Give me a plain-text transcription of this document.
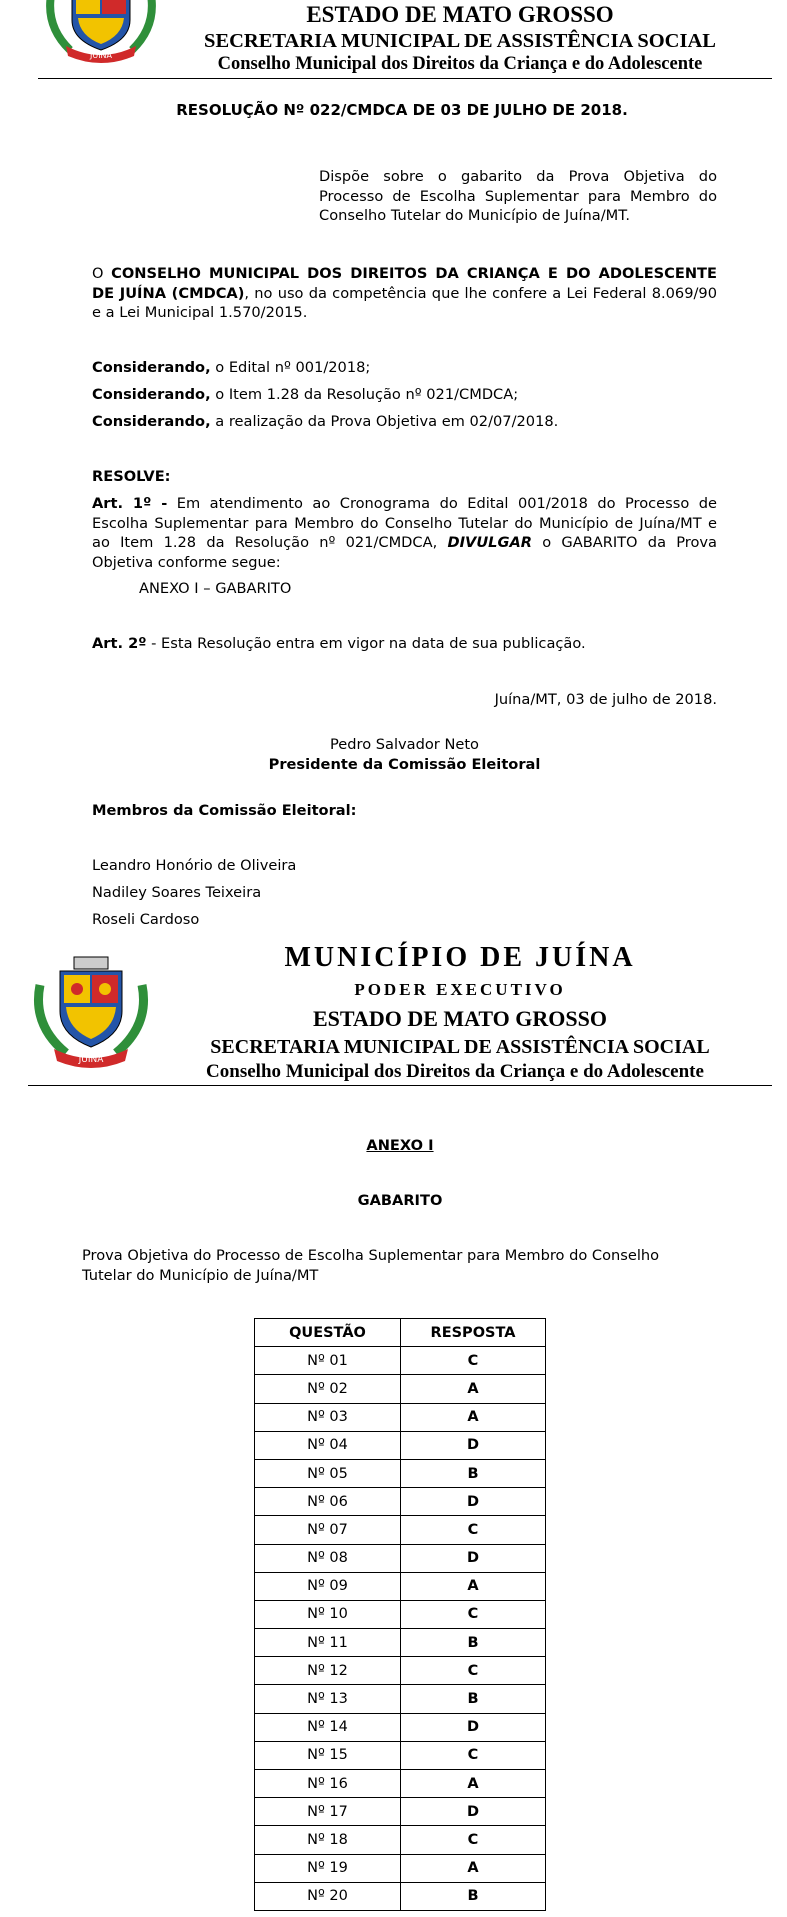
JUINA
ESTADO DE MATO GROSSO
SECRETARIA MUNICIPAL DE ASSISTÊNCIA SOCIAL
Conselho Municipal dos Direitos da Criança e do Adolescente
RESOLUÇÃO Nº 022/CMDCA DE 03 DE JULHO DE 2018.
Dispõe sobre o gabarito da Prova Objetiva do Processo de Escolha Suplementar para Membro do Conselho Tutelar do Município de Juína/MT.
O CONSELHO MUNICIPAL DOS DIREITOS DA CRIANÇA E DO ADOLESCENTE DE JUÍNA (CMDCA), no uso da competência que lhe confere a Lei Federal 8.069/90 e a Lei Municipal 1.570/2015.
Considerando, o Edital nº 001/2018;
Considerando, o Item 1.28 da Resolução nº 021/CMDCA;
Considerando, a realização da Prova Objetiva em 02/07/2018.
RESOLVE:
Art. 1º - Em atendimento ao Cronograma do Edital 001/2018 do Processo de Escolha Suplementar para Membro do Conselho Tutelar do Município de Juína/MT e ao Item 1.28 da Resolução nº 021/CMDCA, DIVULGAR o GABARITO da Prova Objetiva conforme segue:
ANEXO I – GABARITO
Art. 2º - Esta Resolução entra em vigor na data de sua publicação.
Juína/MT, 03 de julho de 2018.
Pedro Salvador Neto
Presidente da Comissão Eleitoral
Membros da Comissão Eleitoral:
Leandro Honório de Oliveira
Nadiley Soares Teixeira
Roseli Cardoso
JUINA
MUNICÍPIO DE JUÍNA
PODER EXECUTIVO
ESTADO DE MATO GROSSO
SECRETARIA MUNICIPAL DE ASSISTÊNCIA SOCIAL
Conselho Municipal dos Direitos da Criança e do Adolescente
ANEXO I
GABARITO
Prova Objetiva do Processo de Escolha Suplementar para Membro do Conselho Tutelar do Município de Juína/MT
QUESTÃO	RESPOSTA
Nº 01	C
Nº 02	A
Nº 03	A
Nº 04	D
Nº 05	B
Nº 06	D
Nº 07	C
Nº 08	D
Nº 09	A
Nº 10	C
Nº 11	B
Nº 12	C
Nº 13	B
Nº 14	D
Nº 15	C
Nº 16	A
Nº 17	D
Nº 18	C
Nº 19	A
Nº 20	B
